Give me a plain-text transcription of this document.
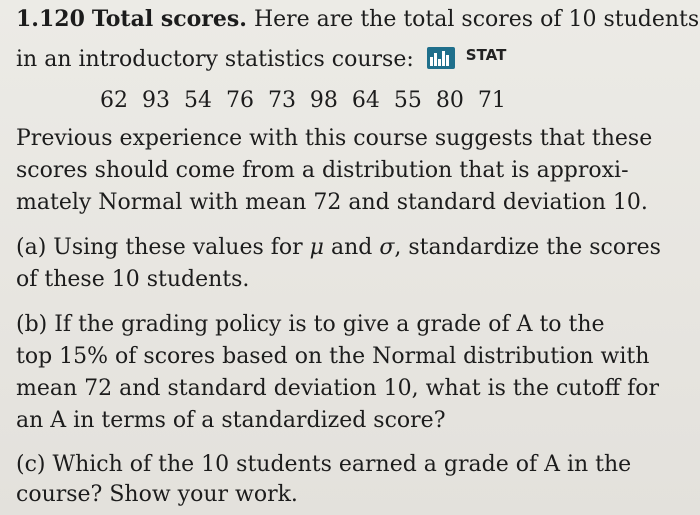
1.120 Total scores. Here are the total scores of 10 students
in an introductory statistics course:	$^{STAT}$
62 93 54 76 73 98 64 55 80 71
Previous experience with this course suggests that these
scores should come from a distribution that is approxi-
mately Normal with mean 72 and standard deviation 10.
(a) Using these values for μ and σ, standardize the scores
of these 10 students.
(b) If the grading policy is to give a grade of A to the
top 15% of scores based on the Normal distribution with
mean 72 and standard deviation 10, what is the cutoff for
an A in terms of a standardized score?
(c) Which of the 10 students earned a grade of A in the
course? Show your work.
